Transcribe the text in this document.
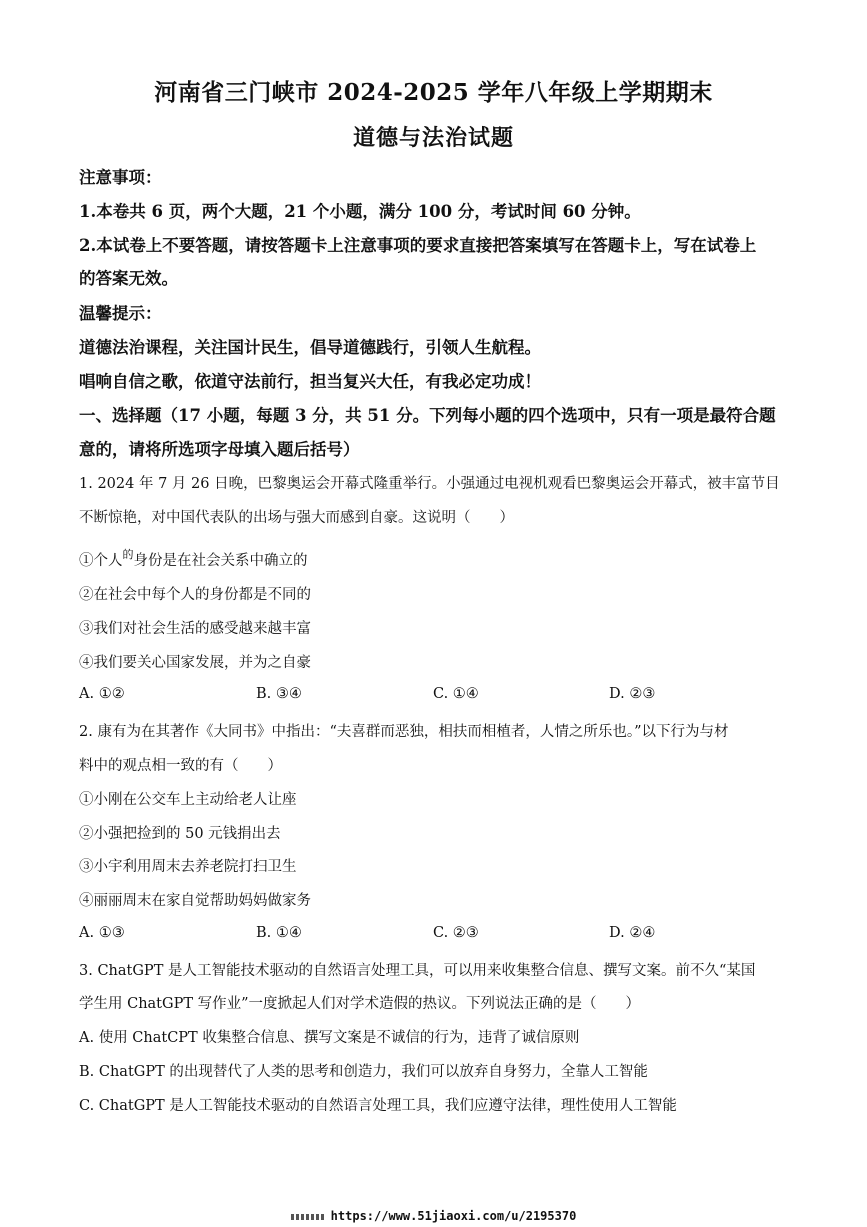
河南省三门峡市 2024-2025 学年八年级上学期期末
道德与法治试题
注意事项：
1.本卷共 6 页，两个大题，21 个小题，满分 100 分，考试时间 60 分钟。
2.本试卷上不要答题，请按答题卡上注意事项的要求直接把答案填写在答题卡上，写在试卷上
的答案无效。
温馨提示：
道德法治课程，关注国计民生，倡导道德践行，引领人生航程。
唱响自信之歌，依道守法前行，担当复兴大任，有我必定功成！
一、选择题（17 小题，每题 3 分，共 51 分。下列每小题的四个选项中，只有一项是最符合题
意的，请将所选项字母填入题后括号）
1. 2024 年 7 月 26 日晚，巴黎奥运会开幕式隆重举行。小强通过电视机观看巴黎奥运会开幕式，被丰富节目
不断惊艳，对中国代表队的出场与强大而感到自豪。这说明（　　）
①个人$^的$身份是在社会关系中确立的
②在社会中每个人的身份都是不同的
③我们对社会生活的感受越来越丰富
④我们要关心国家发展，并为之自豪
A. ①②	B. ③④	C. ①④	D. ②③
2. 康有为在其著作《大同书》中指出：“夫喜群而恶独，相扶而相植者，人情之所乐也。”以下行为与材
料中的观点相一致的有（　　）
①小刚在公交车上主动给老人让座
②小强把捡到的 50 元钱捐出去
③小宇利用周末去养老院打扫卫生
④丽丽周末在家自觉帮助妈妈做家务
A. ①③	B. ①④	C. ②③	D. ②④
3. ChatGPT 是人工智能技术驱动的自然语言处理工具，可以用来收集整合信息、撰写文案。前不久“某国
学生用 ChatGPT 写作业”一度掀起人们对学术造假的热议。下列说法正确的是（　　）
A. 使用 ChatCPT 收集整合信息、撰写文案是不诚信的行为，违背了诚信原则
B. ChatGPT 的出现替代了人类的思考和创造力，我们可以放弃自身努力，全靠人工智能
C. ChatGPT 是人工智能技术驱动的自然语言处理工具，我们应遵守法律，理性使用人工智能
https://www.51jiaoxi.com/u/2195370
